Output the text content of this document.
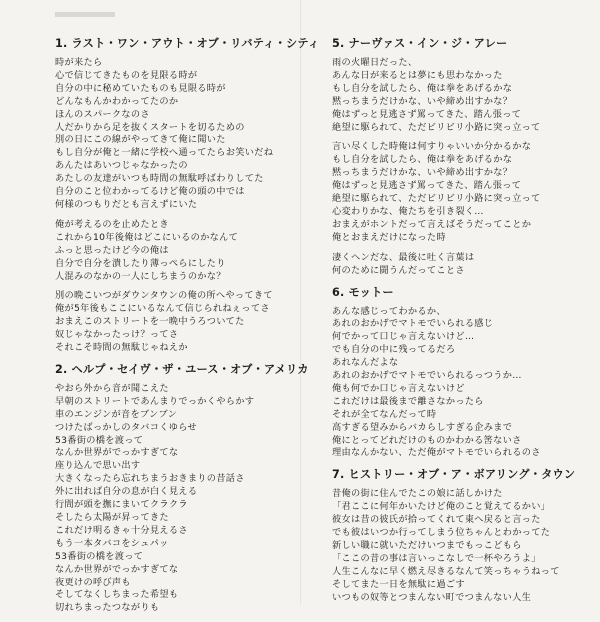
1. ラスト・ワン・アウト・オブ・リバティ・シティ
時が来たら
心で信じてきたものを見限る時が
自分の中に秘めていたものも見限る時が
どんなもんかわかってたのか
ほんのスパークなのさ
人だかりから足を抜くスタートを切るための
別の日にこの線がやってきて俺に聞いた
もし自分が俺と一緒に学校へ通ってたらお笑いだね
あんたはあいつじゃなかったの
あたしの友達がいつも時間の無駄呼ばわりしてた
自分のこと位わかってるけど俺の頭の中では
何様のつもりだとも言えずにいた
俺が考えるのを止めたとき
これから10年後俺はどこにいるのかなんて
ふっと思ったけど今の俺は
自分で自分を潰したり薄っぺらにしたり
人混みのなかの一人にしちまうのかな？
別の晩こいつがダウンタウンの俺の所へやってきて
俺が5年後もここにいるなんて信じられねぇってさ
おまえこのストリートを一晩中うろついてた
奴じゃなかったっけ？ってさ
それこそ時間の無駄じゃねえか
2. ヘルプ・セイヴ・ザ・ユース・オブ・アメリカ
やおら外から音が聞こえた
早朝のストリートであんまりでっかくやらかす
車のエンジンが音をブンブン
つけたばっかしのタバコくゆらせ
53番街の橋を渡って
なんか世界がでっかすぎてな
座り込んで思い出す
大きくなったら忘れちまうおきまりの昔話さ
外に出れば自分の息が白く見える
行間が頭を撫にまいてクラクラ
そしたら太陽が昇ってきた
これだけ明るきゃ十分見えるさ
もう一本タバコをシュパッ
53番街の橋を渡って
なんか世界がでっかすぎてな
夜更けの呼び声も
そしてなくしちまった希望も
切れちまったつながりも
5. ナーヴァス・イン・ジ・アレー
雨の火曜日だった、
あんな日が来るとは夢にも思わなかった
もし自分を試したら、俺は拳をあげるかな
黙っちまうだけかな、いや締め出すかな？
俺はずっと見逃さず罵ってきた、踏ん張って
絶望に駆られて、ただビリビリ小路に突っ立って
言い尽くした時俺は何すりゃいいか分かるかな
もし自分を試したら、俺は拳をあげるかな
黙っちまうだけかな、いや締め出すかな？
俺はずっと見逃さず罵ってきた、踏ん張って
絶望に駆られて、ただビリビリ小路に突っ立って
心変わりかな、俺たちを引き裂く…
おまえがホントだって言えばそうだってことか
俺とおまえだけになった時
凄くヘンだな、最後に吐く言葉は
何のために闘うんだってことさ
6. モットー
あんな感じってわかるか、
あれのおかげでマトモでいられる感じ
何でかって口じゃ言えないけど…
でも自分の中に残ってるだろ
あれなんだよな
あれのおかげでマトモでいられるっつうか…
俺も何でか口じゃ言えないけど
これだけは最後まで離さなかったら
それが全てなんだって時
高すぎる望みからバカらしすぎる企みまで
俺にとってどれだけのものかわかる筈ないさ
理由なんかない、ただ俺がマトモでいられるのさ
7. ヒストリー・オブ・ア・ボアリング・タウン
昔俺の街に住んでたこの娘に話しかけた
「君ここに何年かいたけど俺のこと覚えてるかい」
彼女は昔の彼氏が拾ってくれて東へ戻ると言った
でも彼はいつか行ってしまう位ちゃんとわかってた
新しい職に就いただけいつまでもっこどもら
「ここの昔の事は言いっこなしで一杯やろうよ」
人生こんなに早く燃え尽きるなんて笑っちゃうねって
そしてまた一日を無駄に過ごす
いつもの奴等とつまんない町でつまんない人生
